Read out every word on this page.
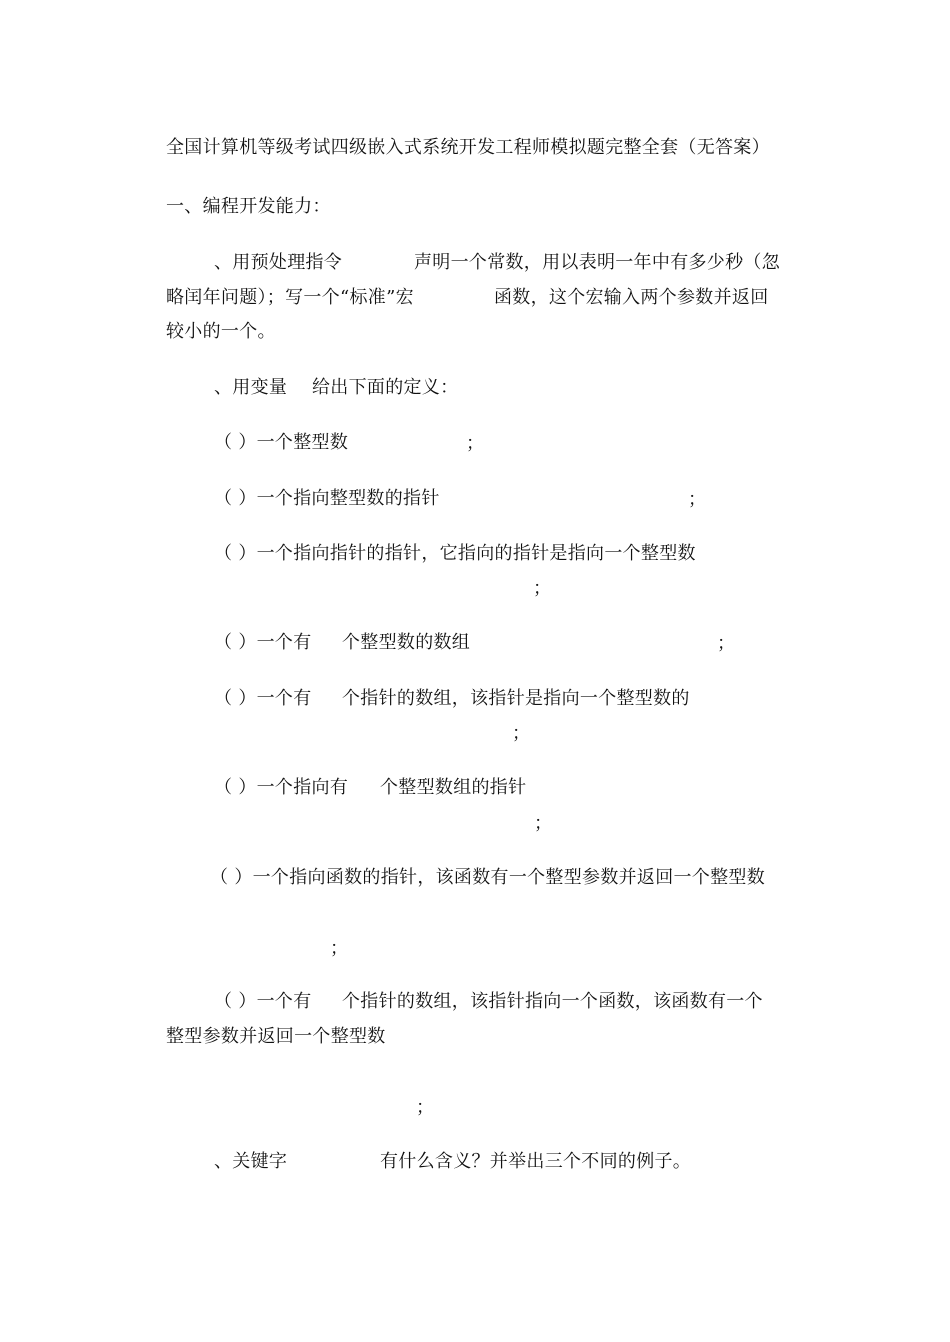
全国计算机等级考试四级嵌入式系统开发工程师模拟题完整全套（无答案）
一、编程开发能力：
、用预处理指令	声明一个常数，用以表明一年中有多少秒（忽
略闰年问题）；写一个“标准”宏	函数，这个宏输入两个参数并返回
较小的一个。
、用变量 给出下面的定义：
（ ）一个整型数	；
（ ）一个指向整型数的指针	；
（ ）一个指向指针的指针，它指向的指针是指向一个整型数
；
（ ）一个有 个整型数的数组	；
（ ）一个有 个指针的数组，该指针是指向一个整型数的
；
（ ）一个指向有 个整型数组的指针
；
（ ）一个指向函数的指针，该函数有一个整型参数并返回一个整型数
；
（ ）一个有 个指针的数组，该指针指向一个函数，该函数有一个
整型参数并返回一个整型数
；
、关键字	有什么含义？并举出三个不同的例子。
